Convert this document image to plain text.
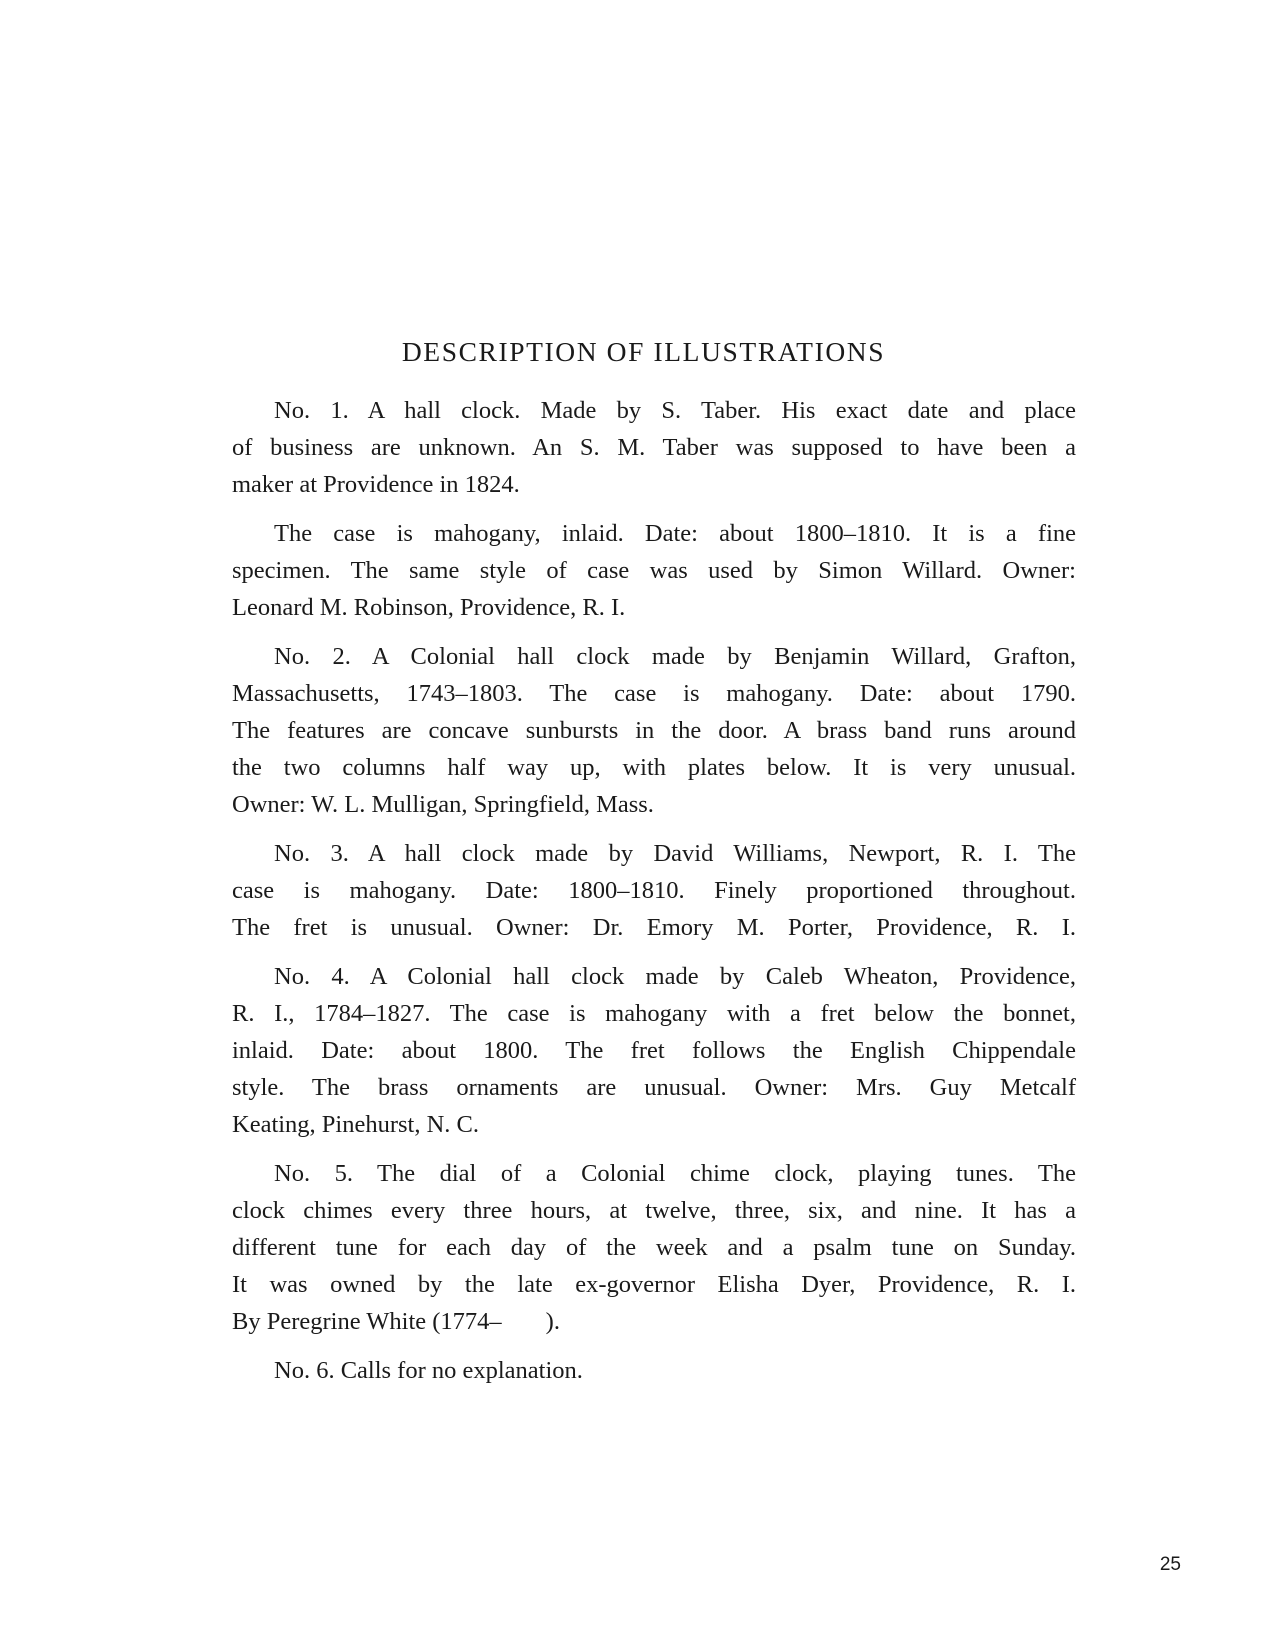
DESCRIPTION OF ILLUSTRATIONS

No. 1. A hall clock. Made by S. Taber. His exact date and place
of business are unknown. An S. M. Taber was supposed to have been a
maker at Providence in 1824.

The case is mahogany, inlaid. Date: about 1800–1810. It is a fine
specimen. The same style of case was used by Simon Willard. Owner:
Leonard M. Robinson, Providence, R. I.

No. 2. A Colonial hall clock made by Benjamin Willard, Grafton,
Massachusetts, 1743–1803. The case is mahogany. Date: about 1790.
The features are concave sunbursts in the door. A brass band runs around
the two columns half way up, with plates below. It is very unusual.
Owner: W. L. Mulligan, Springfield, Mass.

No. 3. A hall clock made by David Williams, Newport, R. I. The
case is mahogany. Date: 1800–1810. Finely proportioned throughout.
The fret is unusual. Owner: Dr. Emory M. Porter, Providence, R. I.

No. 4. A Colonial hall clock made by Caleb Wheaton, Providence,
R. I., 1784–1827. The case is mahogany with a fret below the bonnet,
inlaid. Date: about 1800. The fret follows the English Chippendale
style. The brass ornaments are unusual. Owner: Mrs. Guy Metcalf
Keating, Pinehurst, N. C.

No. 5. The dial of a Colonial chime clock, playing tunes. The
clock chimes every three hours, at twelve, three, six, and nine. It has a
different tune for each day of the week and a psalm tune on Sunday.
It was owned by the late ex-governor Elisha Dyer, Providence, R. I.
By Peregrine White (1774– ).

No. 6. Calls for no explanation.

25
